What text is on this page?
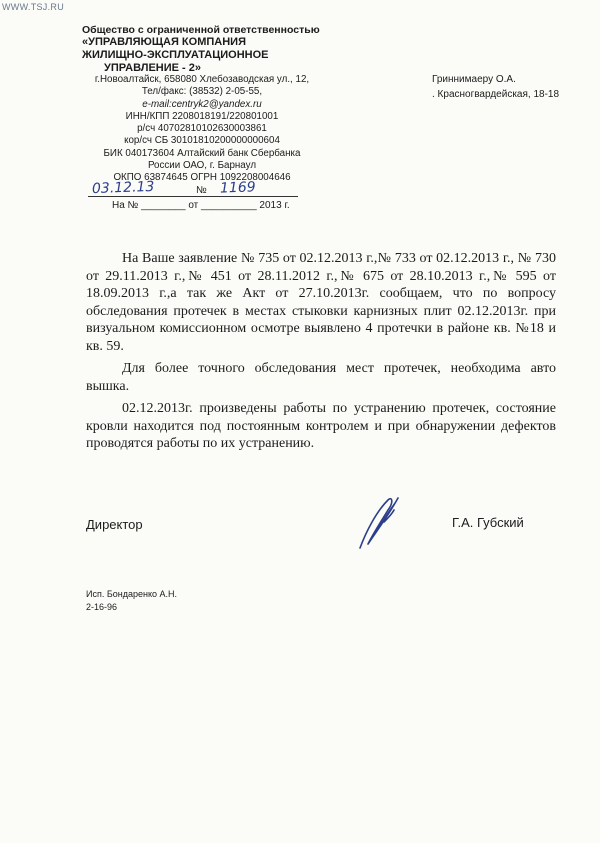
WWW.TSJ.RU
Общество с ограниченной ответственностью
«УПРАВЛЯЮЩАЯ КОМПАНИЯ
ЖИЛИЩНО-ЭКСПЛУАТАЦИОННОЕ
УПРАВЛЕНИЕ - 2»
г.Новоалтайск, 658080 Хлебозаводская ул., 12,
Тел/факс: (38532) 2-05-55,
e-mail:centryk2@yandex.ru
ИНН/КПП 2208018191/220801001
р/сч 40702810102630003861
кор/сч СБ 30101810200000000604
БИК 040173604 Алтайский банк Сбербанка
России ОАО, г. Барнаул
ОКПО 63874645 ОГРН 1092208004646
03.12.13	№ 1169
На № ________ от __________ 2013 г.
Гриннимаеру О.А.
. Красногвардейская, 18-18

На Ваше заявление № 735 от 02.12.2013 г.,№ 733 от 02.12.2013 г., № 730 от 29.11.2013 г.,№ 451 от 28.11.2012 г.,№ 675 от 28.10.2013 г.,№ 595 от 18.09.2013 г.,а так же Акт от 27.10.2013г. сообщаем, что по вопросу обследования протечек в местах стыковки карнизных плит 02.12.2013г. при визуальном комиссионном осмотре выявлено 4 протечки в районе кв. №18 и кв. 59.

Для более точного обследования мест протечек, необходима авто вышка.

02.12.2013г. произведены работы по устранению протечек, состояние кровли находится под постоянным контролем и при обнаружении дефектов проводятся работы по их устранению.

Директор	Г.А. Губский
Исп. Бондаренко А.Н.
2-16-96
